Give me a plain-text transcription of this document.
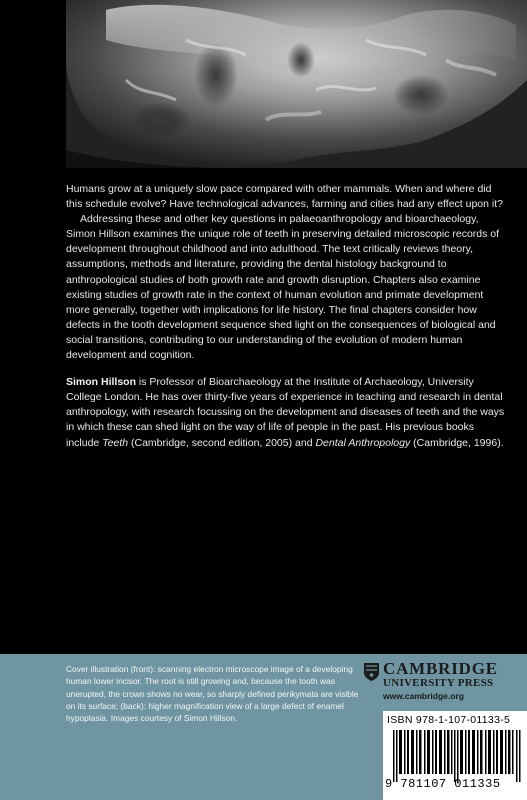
Humans grow at a uniquely slow pace compared with other mammals. When and where did this schedule evolve? Have technological advances, farming and cities had any effect upon it?

Addressing these and other key questions in palaeoanthropology and bioarchaeology, Simon Hillson examines the unique role of teeth in preserving detailed microscopic records of development throughout childhood and into adulthood. The text critically reviews theory, assumptions, methods and literature, providing the dental histology background to anthropological studies of both growth rate and growth disruption. Chapters also examine existing studies of growth rate in the context of human evolution and primate development more generally, together with implications for life history. The final chapters consider how defects in the tooth development sequence shed light on the consequences of biological and social transitions, contributing to our understanding of the evolution of modern human development and cognition.

Simon Hillson is Professor of Bioarchaeology at the Institute of Archaeology, University College London. He has over thirty-five years of experience in teaching and research in dental anthropology, with research focussing on the development and diseases of teeth and the ways in which these can shed light on the way of life of people in the past. His previous books include Teeth (Cambridge, second edition, 2005) and Dental Anthropology (Cambridge, 1996).

Cover illustration (front): scanning electron microscope image of a developing human lower incisor. The root is still growing and, because the tooth was unerupted, the crown shows no wear, so sharply defined perikymata are visible on its surface; (back): higher magnification view of a large defect of enamel hypoplasia. Images courtesy of Simon Hillson.
CAMBRIDGE
UNIVERSITY PRESS
www.cambridge.org
ISBN 978-1-107-01133-5
9 781107 011335
